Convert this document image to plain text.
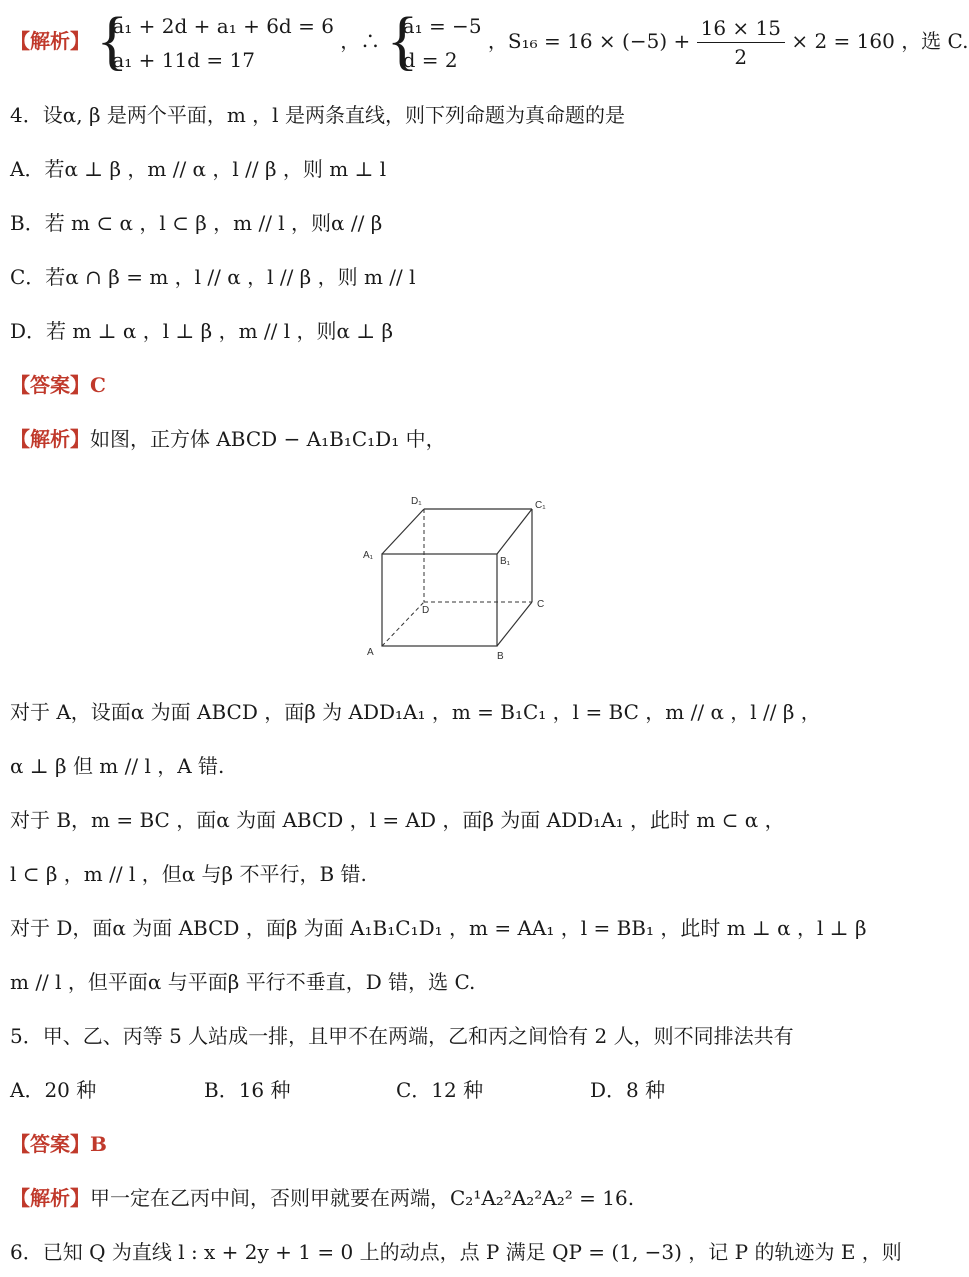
【解析】 {
a₁ + 2d + a₁ + 6d = 6
a₁ + 11d = 17
，∴ {
a₁ = −5
d = 2
，$S_{16} = 16 \times (-5) + \frac{16 \times 15}{2} \times 2 = 160$ ，选 C.
4．设α, β 是两个平面，m ，l 是两条直线，则下列命题为真命题的是
A．若α ⊥ β ，m // α ，l // β ，则 m ⊥ l
B．若 m ⊂ α ，l ⊂ β ，m // l ，则α // β
C．若α ∩ β = m ，l // α ，l // β ，则 m // l
D．若 m ⊥ α ，l ⊥ β ，m // l ，则α ⊥ β
【答案】C
【解析】如图，正方体 ABCD − A₁B₁C₁D₁ 中，
D₁	C₁
A₁
B₁
D
C
A	B
对于 A，设面α 为面 ABCD ，面β 为 ADD₁A₁ ，m = B₁C₁ ，l = BC ，m // α ，l // β ，
α ⊥ β 但 m // l ，A 错.
对于 B，m = BC ，面α 为面 ABCD ，l = AD ，面β 为面 ADD₁A₁ ，此时 m ⊂ α ，
l ⊂ β ，m // l ，但α 与β 不平行，B 错.
对于 D，面α 为面 ABCD ，面β 为面 A₁B₁C₁D₁ ，m = AA₁ ，l = BB₁ ，此时 m ⊥ α ，l ⊥ β
m // l ，但平面α 与平面β 平行不垂直，D 错，选 C.
5．甲、乙、丙等 5 人站成一排，且甲不在两端，乙和丙之间恰有 2 人，则不同排法共有
A．20 种	B．16 种	C．12 种	D．8 种
【答案】B
【解析】甲一定在乙丙中间，否则甲就要在两端，C₂¹A₂²A₂²A₂² = 16.
6．已知 Q 为直线 l : x + 2y + 1 = 0 上的动点，点 P 满足 QP = (1, −3) ，记 P 的轨迹为 E ，则
